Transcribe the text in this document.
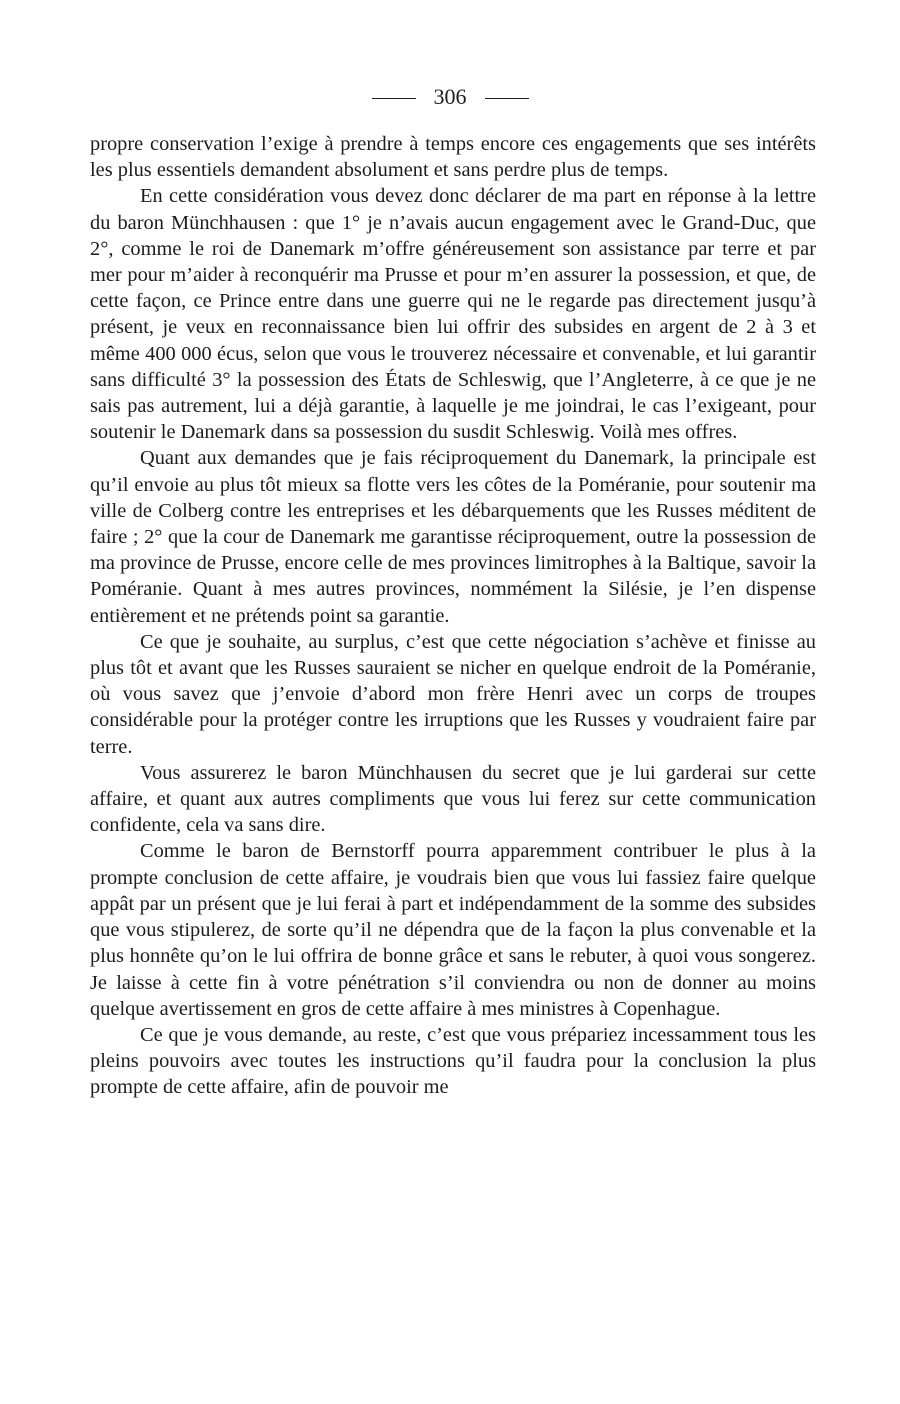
306

propre conservation l’exige à prendre à temps encore ces engagements que ses intérêts les plus essentiels demandent absolument et sans perdre plus de temps.

En cette considération vous devez donc déclarer de ma part en réponse à la lettre du baron Münchhausen : que 1° je n’avais aucun engagement avec le Grand-Duc, que 2°, comme le roi de Danemark m’offre généreusement son assistance par terre et par mer pour m’aider à reconquérir ma Prusse et pour m’en assurer la possession, et que, de cette façon, ce Prince entre dans une guerre qui ne le regarde pas directement jusqu’à présent, je veux en reconnaissance bien lui offrir des subsides en argent de 2 à 3 et même 400 000 écus, selon que vous le trouverez nécessaire et convenable, et lui garantir sans difficulté 3° la possession des États de Schleswig, que l’Angleterre, à ce que je ne sais pas autrement, lui a déjà garantie, à laquelle je me joindrai, le cas l’exigeant, pour soutenir le Danemark dans sa possession du susdit Schleswig. Voilà mes offres.

Quant aux demandes que je fais réciproquement du Danemark, la principale est qu’il envoie au plus tôt mieux sa flotte vers les côtes de la Poméranie, pour soutenir ma ville de Colberg contre les entreprises et les débarquements que les Russes méditent de faire ; 2° que la cour de Danemark me garantisse réciproquement, outre la possession de ma province de Prusse, encore celle de mes provinces limitrophes à la Baltique, savoir la Poméranie. Quant à mes autres provinces, nommément la Silésie, je l’en dispense entièrement et ne prétends point sa garantie.

Ce que je souhaite, au surplus, c’est que cette négociation s’achève et finisse au plus tôt et avant que les Russes sauraient se nicher en quelque endroit de la Poméranie, où vous savez que j’envoie d’abord mon frère Henri avec un corps de troupes considérable pour la protéger contre les irruptions que les Russes y voudraient faire par terre.

Vous assurerez le baron Münchhausen du secret que je lui garderai sur cette affaire, et quant aux autres compliments que vous lui ferez sur cette communication confidente, cela va sans dire.

Comme le baron de Bernstorff pourra apparemment contribuer le plus à la prompte conclusion de cette affaire, je voudrais bien que vous lui fassiez faire quelque appât par un présent que je lui ferai à part et indépendamment de la somme des subsides que vous stipulerez, de sorte qu’il ne dépendra que de la façon la plus convenable et la plus honnête qu’on le lui offrira de bonne grâce et sans le rebuter, à quoi vous songerez. Je laisse à cette fin à votre pénétration s’il conviendra ou non de donner au moins quelque avertissement en gros de cette affaire à mes ministres à Copenhague.

Ce que je vous demande, au reste, c’est que vous prépariez incessamment tous les pleins pouvoirs avec toutes les instructions qu’il faudra pour la conclusion la plus prompte de cette affaire, afin de pouvoir me
